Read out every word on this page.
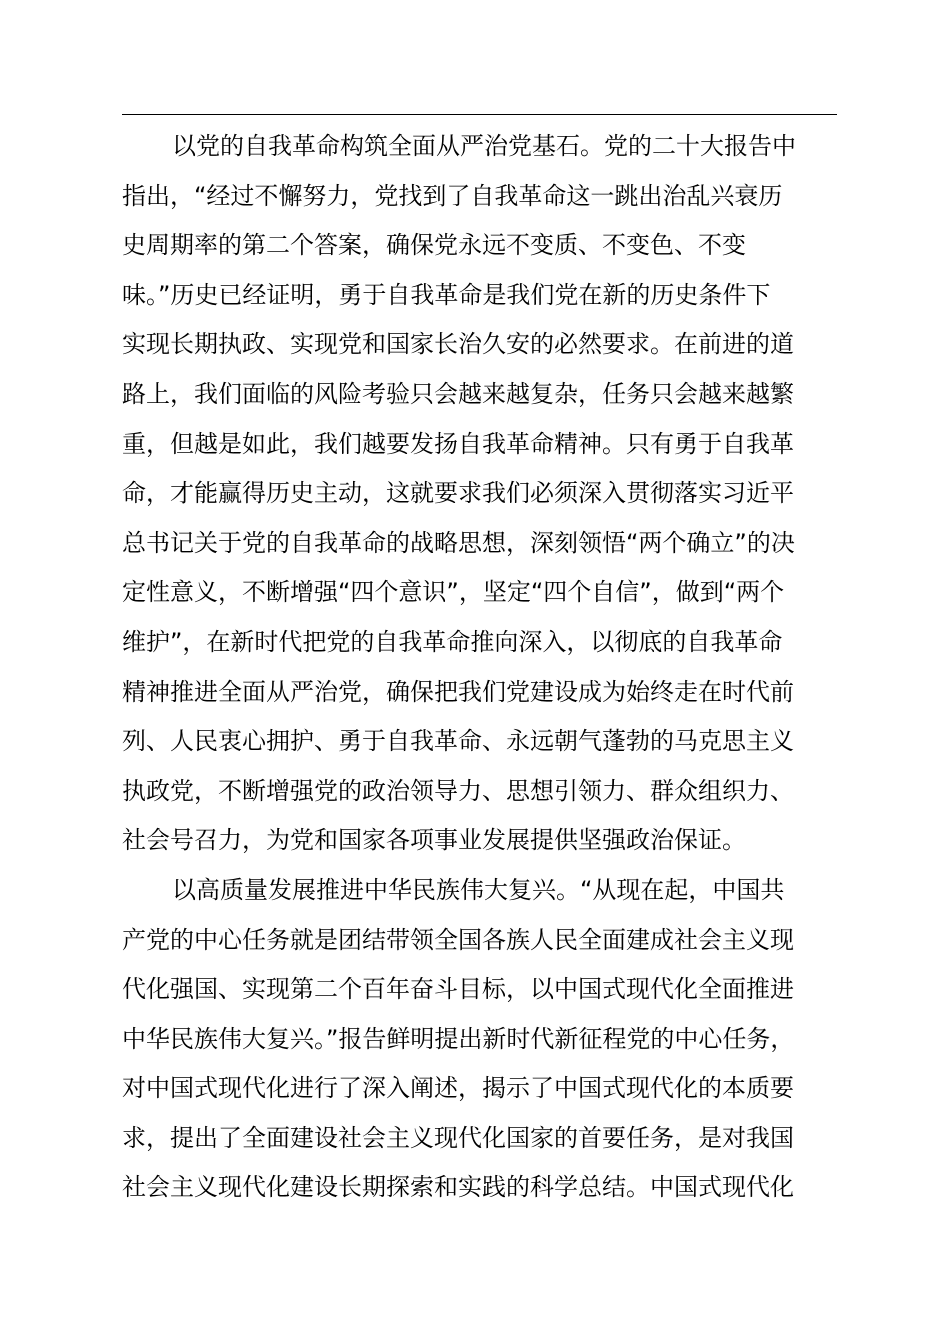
以党的自我革命构筑全面从严治党基石。党的二十大报告中
指出，“经过不懈努力，党找到了自我革命这一跳出治乱兴衰历
史周期率的第二个答案，确保党永远不变质、不变色、不变
味。”历史已经证明，勇于自我革命是我们党在新的历史条件下
实现长期执政、实现党和国家长治久安的必然要求。在前进的道
路上，我们面临的风险考验只会越来越复杂，任务只会越来越繁
重，但越是如此，我们越要发扬自我革命精神。只有勇于自我革
命，才能赢得历史主动，这就要求我们必须深入贯彻落实习近平
总书记关于党的自我革命的战略思想，深刻领悟“两个确立”的决
定性意义，不断增强“四个意识”，坚定“四个自信”，做到“两个
维护”，在新时代把党的自我革命推向深入，以彻底的自我革命
精神推进全面从严治党，确保把我们党建设成为始终走在时代前
列、人民衷心拥护、勇于自我革命、永远朝气蓬勃的马克思主义
执政党，不断增强党的政治领导力、思想引领力、群众组织力、
社会号召力，为党和国家各项事业发展提供坚强政治保证。
以高质量发展推进中华民族伟大复兴。“从现在起，中国共
产党的中心任务就是团结带领全国各族人民全面建成社会主义现
代化强国、实现第二个百年奋斗目标，以中国式现代化全面推进
中华民族伟大复兴。”报告鲜明提出新时代新征程党的中心任务，
对中国式现代化进行了深入阐述，揭示了中国式现代化的本质要
求，提出了全面建设社会主义现代化国家的首要任务，是对我国
社会主义现代化建设长期探索和实践的科学总结。中国式现代化
